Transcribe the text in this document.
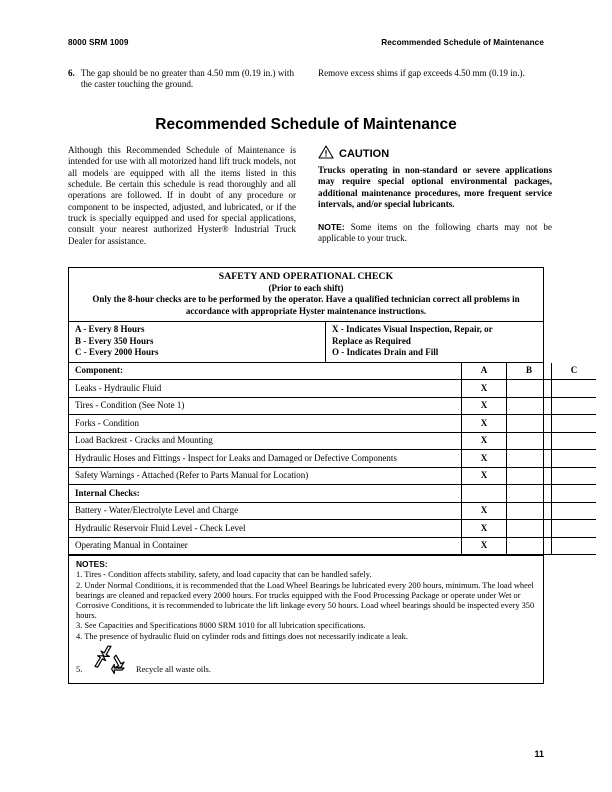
8000 SRM 1009	Recommended Schedule of Maintenance
6. The gap should be no greater than 4.50 mm (0.19 in.) with the caster touching the ground.
Remove excess shims if gap exceeds 4.50 mm (0.19 in.).
Recommended Schedule of Maintenance
Although this Recommended Schedule of Maintenance is intended for use with all motorized hand lift truck models, not all models are equipped with all the items listed in this schedule. Be certain this schedule is read thoroughly and all operations are followed. If in doubt of any procedure or component to be inspected, adjusted, and lubricated, or if the truck is specially equipped and used for special applications, consult your nearest authorized Hyster® Industrial Truck Dealer for assistance.
CAUTION
Trucks operating in non-standard or severe applications may require special optional environmental packages, additional maintenance procedures, more frequent service intervals, and/or special lubricants.
NOTE: Some items on the following charts may not be applicable to your truck.
SAFETY AND OPERATIONAL CHECK
(Prior to each shift)
Only the 8-hour checks are to be performed by the operator. Have a qualified technician correct all problems in accordance with appropriate Hyster maintenance instructions.
A - Every 8 Hours
B - Every 350 Hours
C - Every 2000 Hours
X - Indicates Visual Inspection, Repair, or
Replace as Required
O - Indicates Drain and Fill
Component:	A	B	C
Leaks - Hydraulic Fluid	X		
Tires - Condition (See Note 1)	X		
Forks - Condition	X		
Load Backrest - Cracks and Mounting	X		
Hydraulic Hoses and Fittings - Inspect for Leaks and Damaged or Defective Components	X		
Safety Warnings - Attached (Refer to Parts Manual for Location)	X		
Internal Checks:			
Battery - Water/Electrolyte Level and Charge	X		
Hydraulic Reservoir Fluid Level - Check Level	X		
Operating Manual in Container	X		
NOTES:

1. Tires - Condition affects stability, safety, and load capacity that can be handled safely.

2. Under Normal Conditions, it is recommended that the Load Wheel Bearings be lubricated every 200 hours, minimum. The load wheel bearings are cleaned and repacked every 2000 hours. For trucks equipped with the Food Processing Package or operate under Wet or Corrosive Conditions, it is recommended to lubricate the lift linkage every 50 hours. Load wheel bearings should be inspected every 350 hours.

3. See Capacities and Specifications 8000 SRM 1010 for all lubrication specifications.

4. The presence of hydraulic fluid on cylinder rods and fittings does not necessarily indicate a leak.

5.	Recycle all waste oils.
11
